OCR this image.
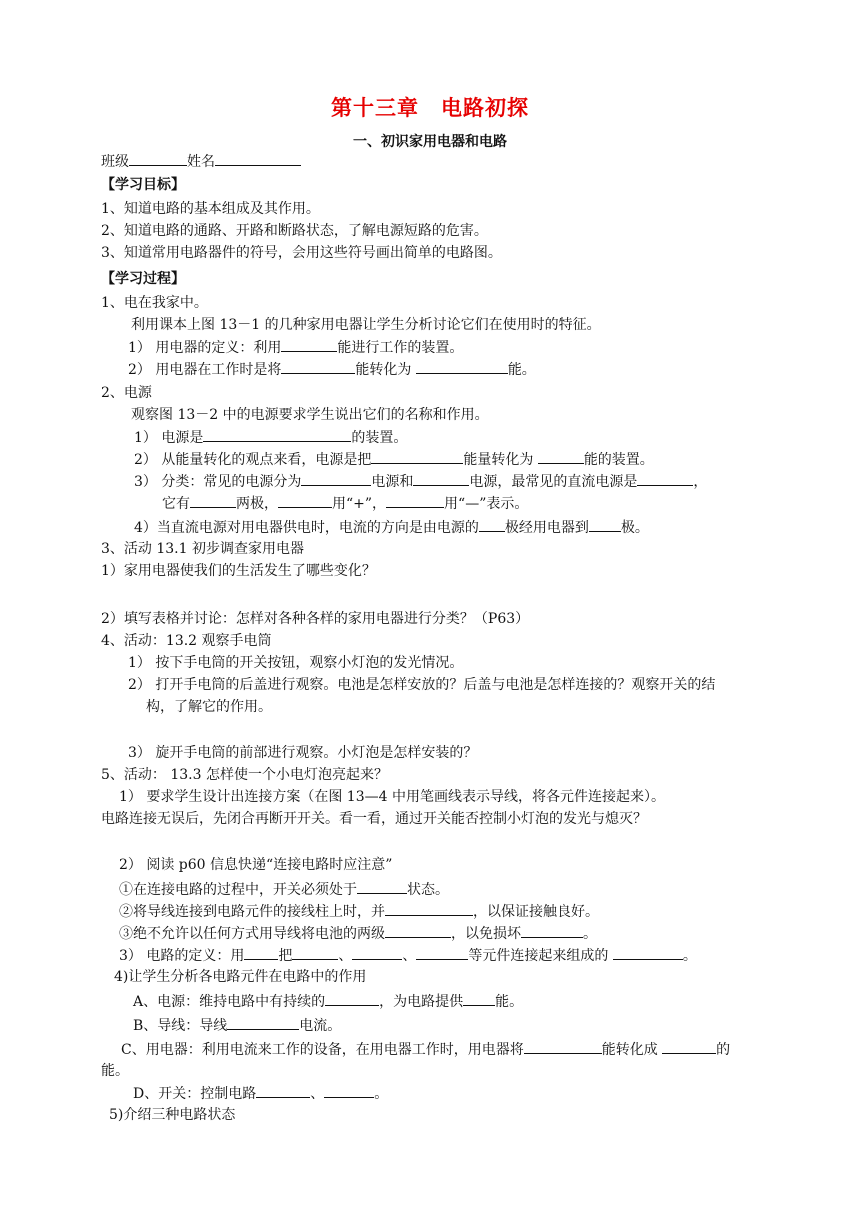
第十三章　电路初探
一、初识家用电器和电路
班级	姓名
【学习目标】
1、知道电路的基本组成及其作用。
2、知道电路的通路、开路和断路状态，了解电源短路的危害。
3、知道常用电路器件的符号，会用这些符号画出简单的电路图。
【学习过程】
1、电在我家中。
利用课本上图 13－1 的几种家用电器让学生分析讨论它们在使用时的特征。
1） 用电器的定义：利用	能进行工作的装置。
2） 用电器在工作时是将	能转化为	能。
2、电源
观察图 13－2 中的电源要求学生说出它们的名称和作用。
1） 电源是	的装置。
2） 从能量转化的观点来看，电源是把	能量转化为	能的装置。
3） 分类：常见的电源分为	电源和	电源，最常见的直流电源是	，
它有	两极，	用“+”，	用“—”表示。
4）当直流电源对用电器供电时，电流的方向是由电源的 极经用电器到 极。
3、活动 13.1 初步调查家用电器
1）家用电器使我们的生活发生了哪些变化？
2）填写表格并讨论：怎样对各种各样的家用电器进行分类？（P63）
4、活动：13.2 观察手电筒
1） 按下手电筒的开关按钮，观察小灯泡的发光情况。
2） 打开手电筒的后盖进行观察。电池是怎样安放的？后盖与电池是怎样连接的？观察开关的结
构，了解它的作用。
3） 旋开手电筒的前部进行观察。小灯泡是怎样安装的？
5、活动： 13.3 怎样使一个小电灯泡亮起来？
1） 要求学生设计出连接方案（在图 13—4 中用笔画线表示导线，将各元件连接起来）。
电路连接无误后，先闭合再断开开关。看一看，通过开关能否控制小灯泡的发光与熄灭？
2） 阅读 p60 信息快递“连接电路时应注意”
①在连接电路的过程中，开关必须处于	状态。
②将导线连接到电路元件的接线柱上时，并	，以保证接触良好。
③绝不允许以任何方式用导线将电池的两级	，以免损坏	。
3） 电路的定义：用 把	、	、	等元件连接起来组成的	。
4)让学生分析各电路元件在电路中的作用
A、电源：维持电路中有持续的	，为电路提供 能。
B、导线：导线	电流。
C、用电器：利用电流来工作的设备，在用电器工作时，用电器将	能转化成	的
能。
D、开关：控制电路	、	。
5)介绍三种电路状态
